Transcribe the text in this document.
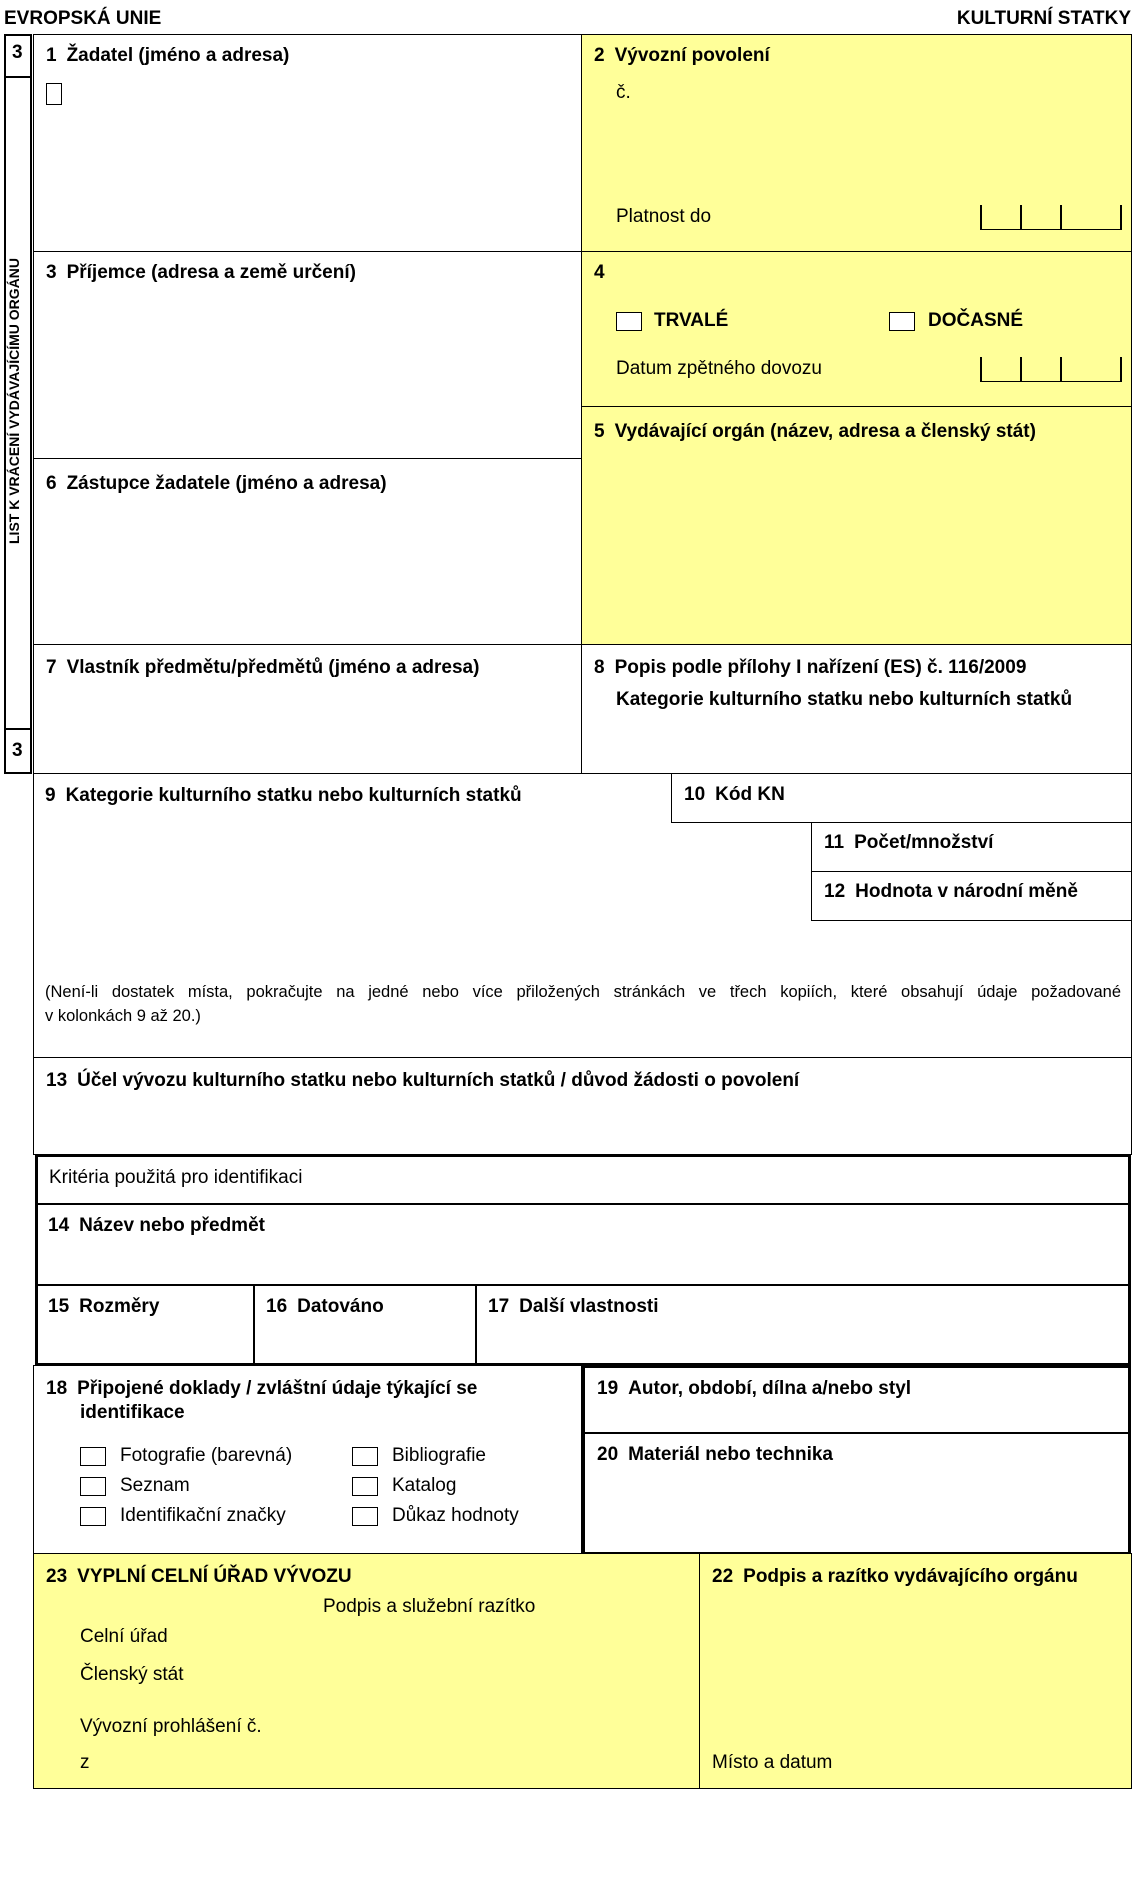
EVROPSKÁ UNIE	KULTURNÍ STATKY
3
LIST K VRÁCENÍ VYDÁVAJÍCÍMU ORGÁNU
3
1 Žadatel (jméno a adresa)	2 Vývozní povolení
č.
Platnost do
3 Příjemce (adresa a země určení)	4
TRVALÉ	DOČASNÉ
Datum zpětného dovozu
5 Vydávající orgán (název, adresa a členský stát)
6 Zástupce žadatele (jméno a adresa)
7 Vlastník předmětu/předmětů (jméno a adresa)	8 Popis podle přílohy I nařízení (ES) č. 116/2009
Kategorie kulturního statku nebo kulturních statků
9 Kategorie kulturního statku nebo kulturních statků	10 Kód KN
11 Počet/množství
12 Hodnota v národní měně
(Není-li dostatek místa, pokračujte na jedné nebo více přiložených stránkách ve třech kopiích, které obsahují údaje požadované
v kolonkách 9 až 20.)
13 Účel vývozu kulturního statku nebo kulturních statků / důvod žádosti o povolení
Kritéria použitá pro identifikaci
14 Název nebo předmět
15 Rozměry	16 Datováno	17 Další vlastnosti
18 Připojené doklady / zvláštní údaje týkající se
identifikace
Fotografie (barevná)	Bibliografie
Seznam	Katalog
Identifikační značky	Důkaz hodnoty
19 Autor, období, dílna a/nebo styl
20 Materiál nebo technika
23 VYPLNÍ CELNÍ ÚŘAD VÝVOZU
Podpis a služební razítko
Celní úřad
Členský stát
Vývozní prohlášení č.
z
22 Podpis a razítko vydávajícího orgánu
Místo a datum
